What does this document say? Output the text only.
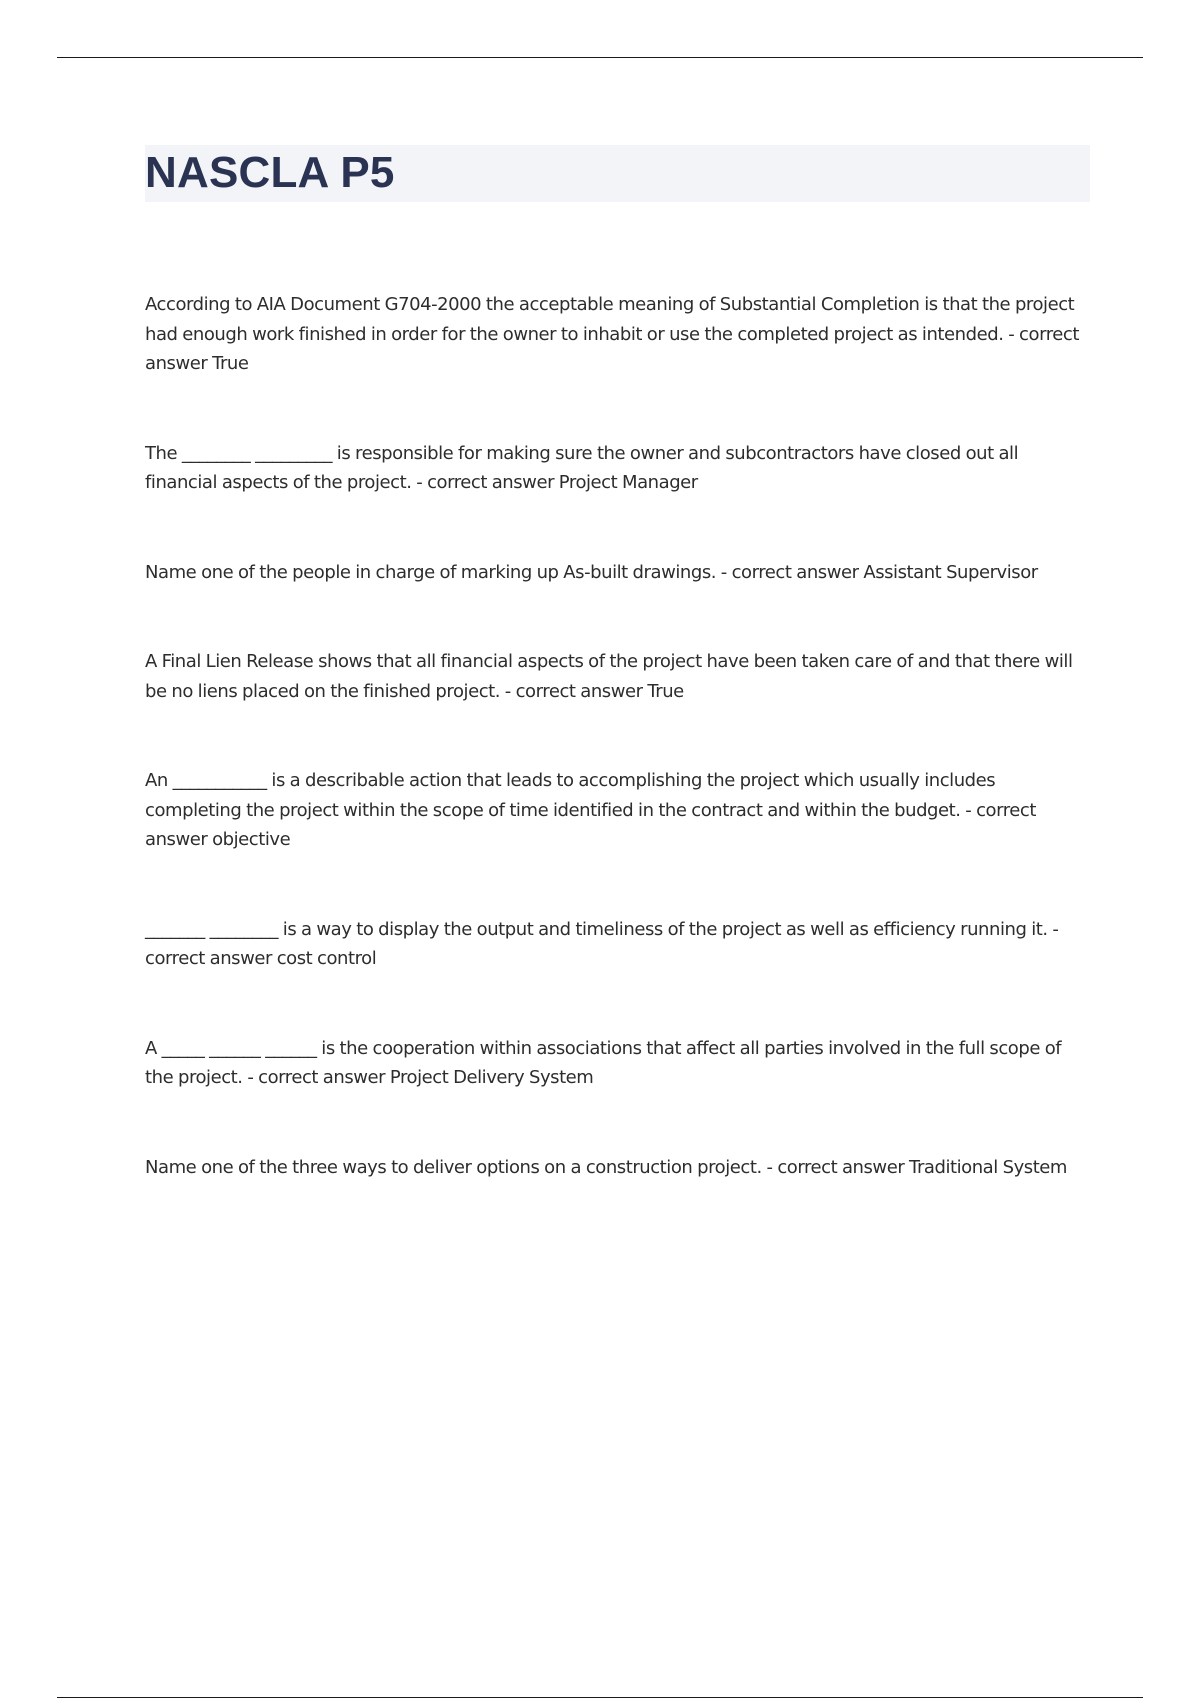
NASCLA P5

According to AIA Document G704-2000 the acceptable meaning of Substantial Completion is that the project had enough work finished in order for the owner to inhabit or use the completed project as intended. - correct answer True

The ________ _________ is responsible for making sure the owner and subcontractors have closed out all financial aspects of the project. - correct answer Project Manager

Name one of the people in charge of marking up As-built drawings. - correct answer Assistant Supervisor

A Final Lien Release shows that all financial aspects of the project have been taken care of and that there will be no liens placed on the finished project. - correct answer True

An ___________ is a describable action that leads to accomplishing the project which usually includes completing the project within the scope of time identified in the contract and within the budget. - correct answer objective

_______ ________ is a way to display the output and timeliness of the project as well as efficiency running it. - correct answer cost control

A _____ ______ ______ is the cooperation within associations that affect all parties involved in the full scope of the project. - correct answer Project Delivery System

Name one of the three ways to deliver options on a construction project. - correct answer Traditional System
